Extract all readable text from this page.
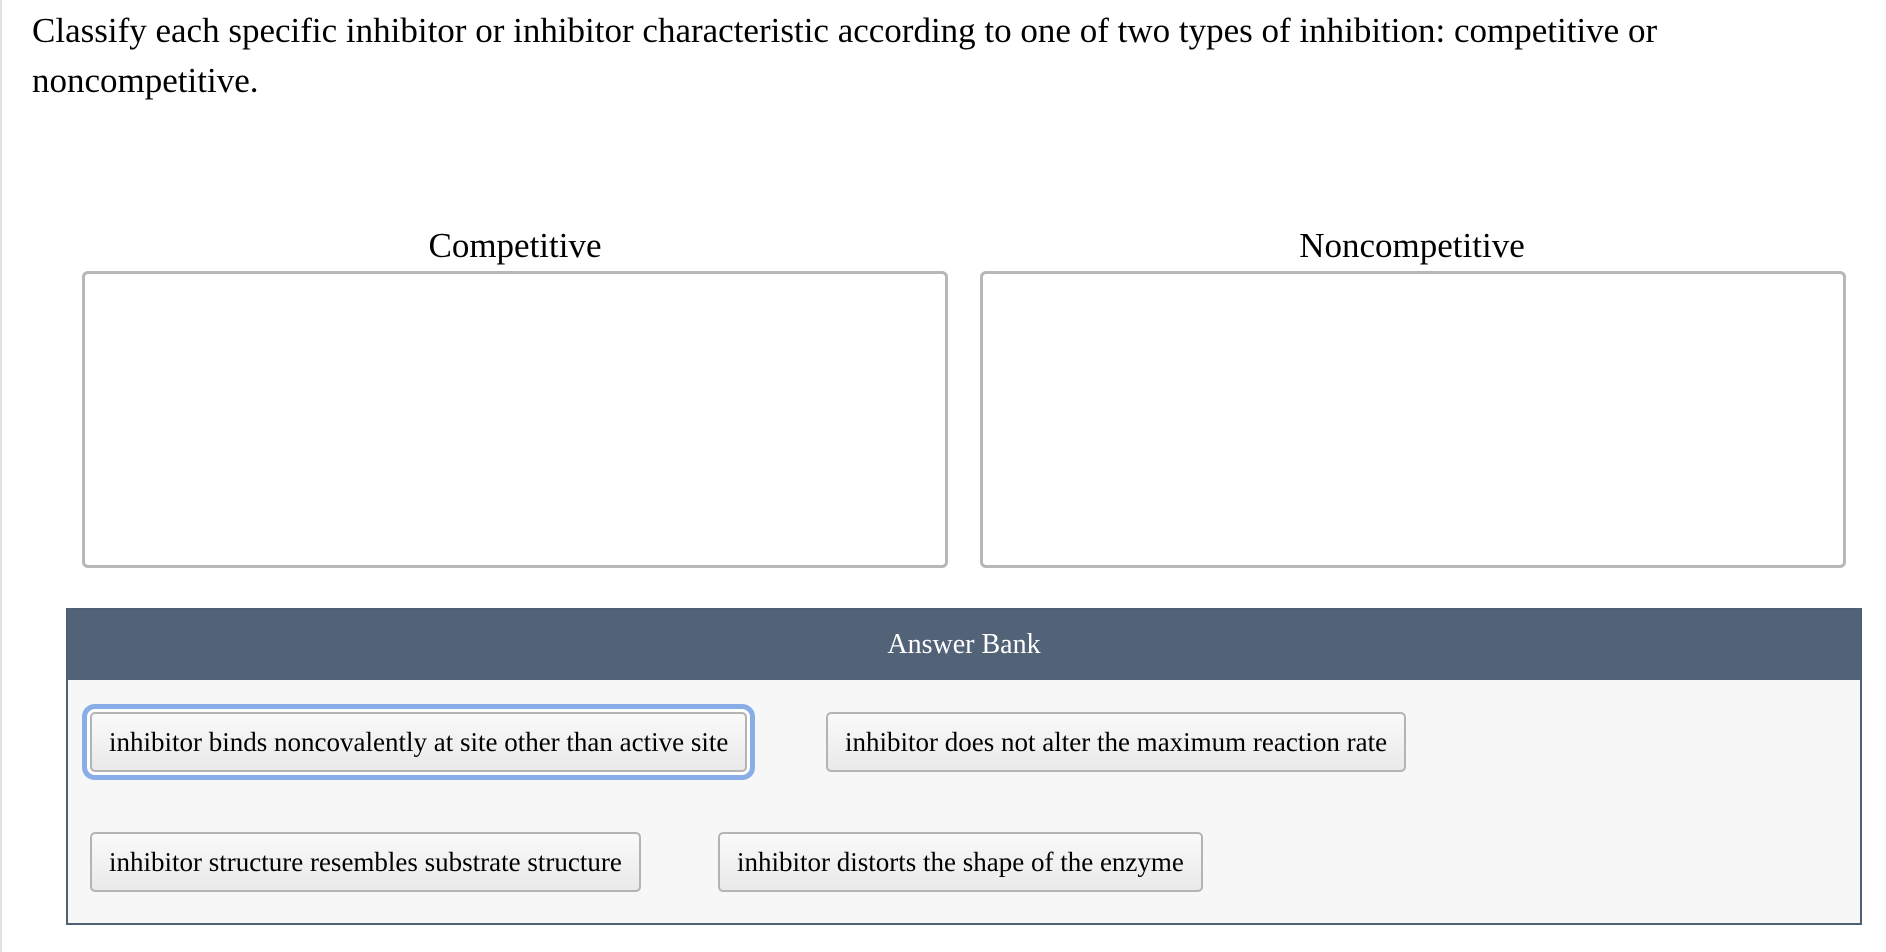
Classify each specific inhibitor or inhibitor characteristic according to one of two types of inhibition: competitive or noncompetitive.

Competitive	Noncompetitive
Answer Bank
inhibitor binds noncovalently at site other than active site	inhibitor does not alter the maximum reaction rate
inhibitor structure resembles substrate structure	inhibitor distorts the shape of the enzyme
